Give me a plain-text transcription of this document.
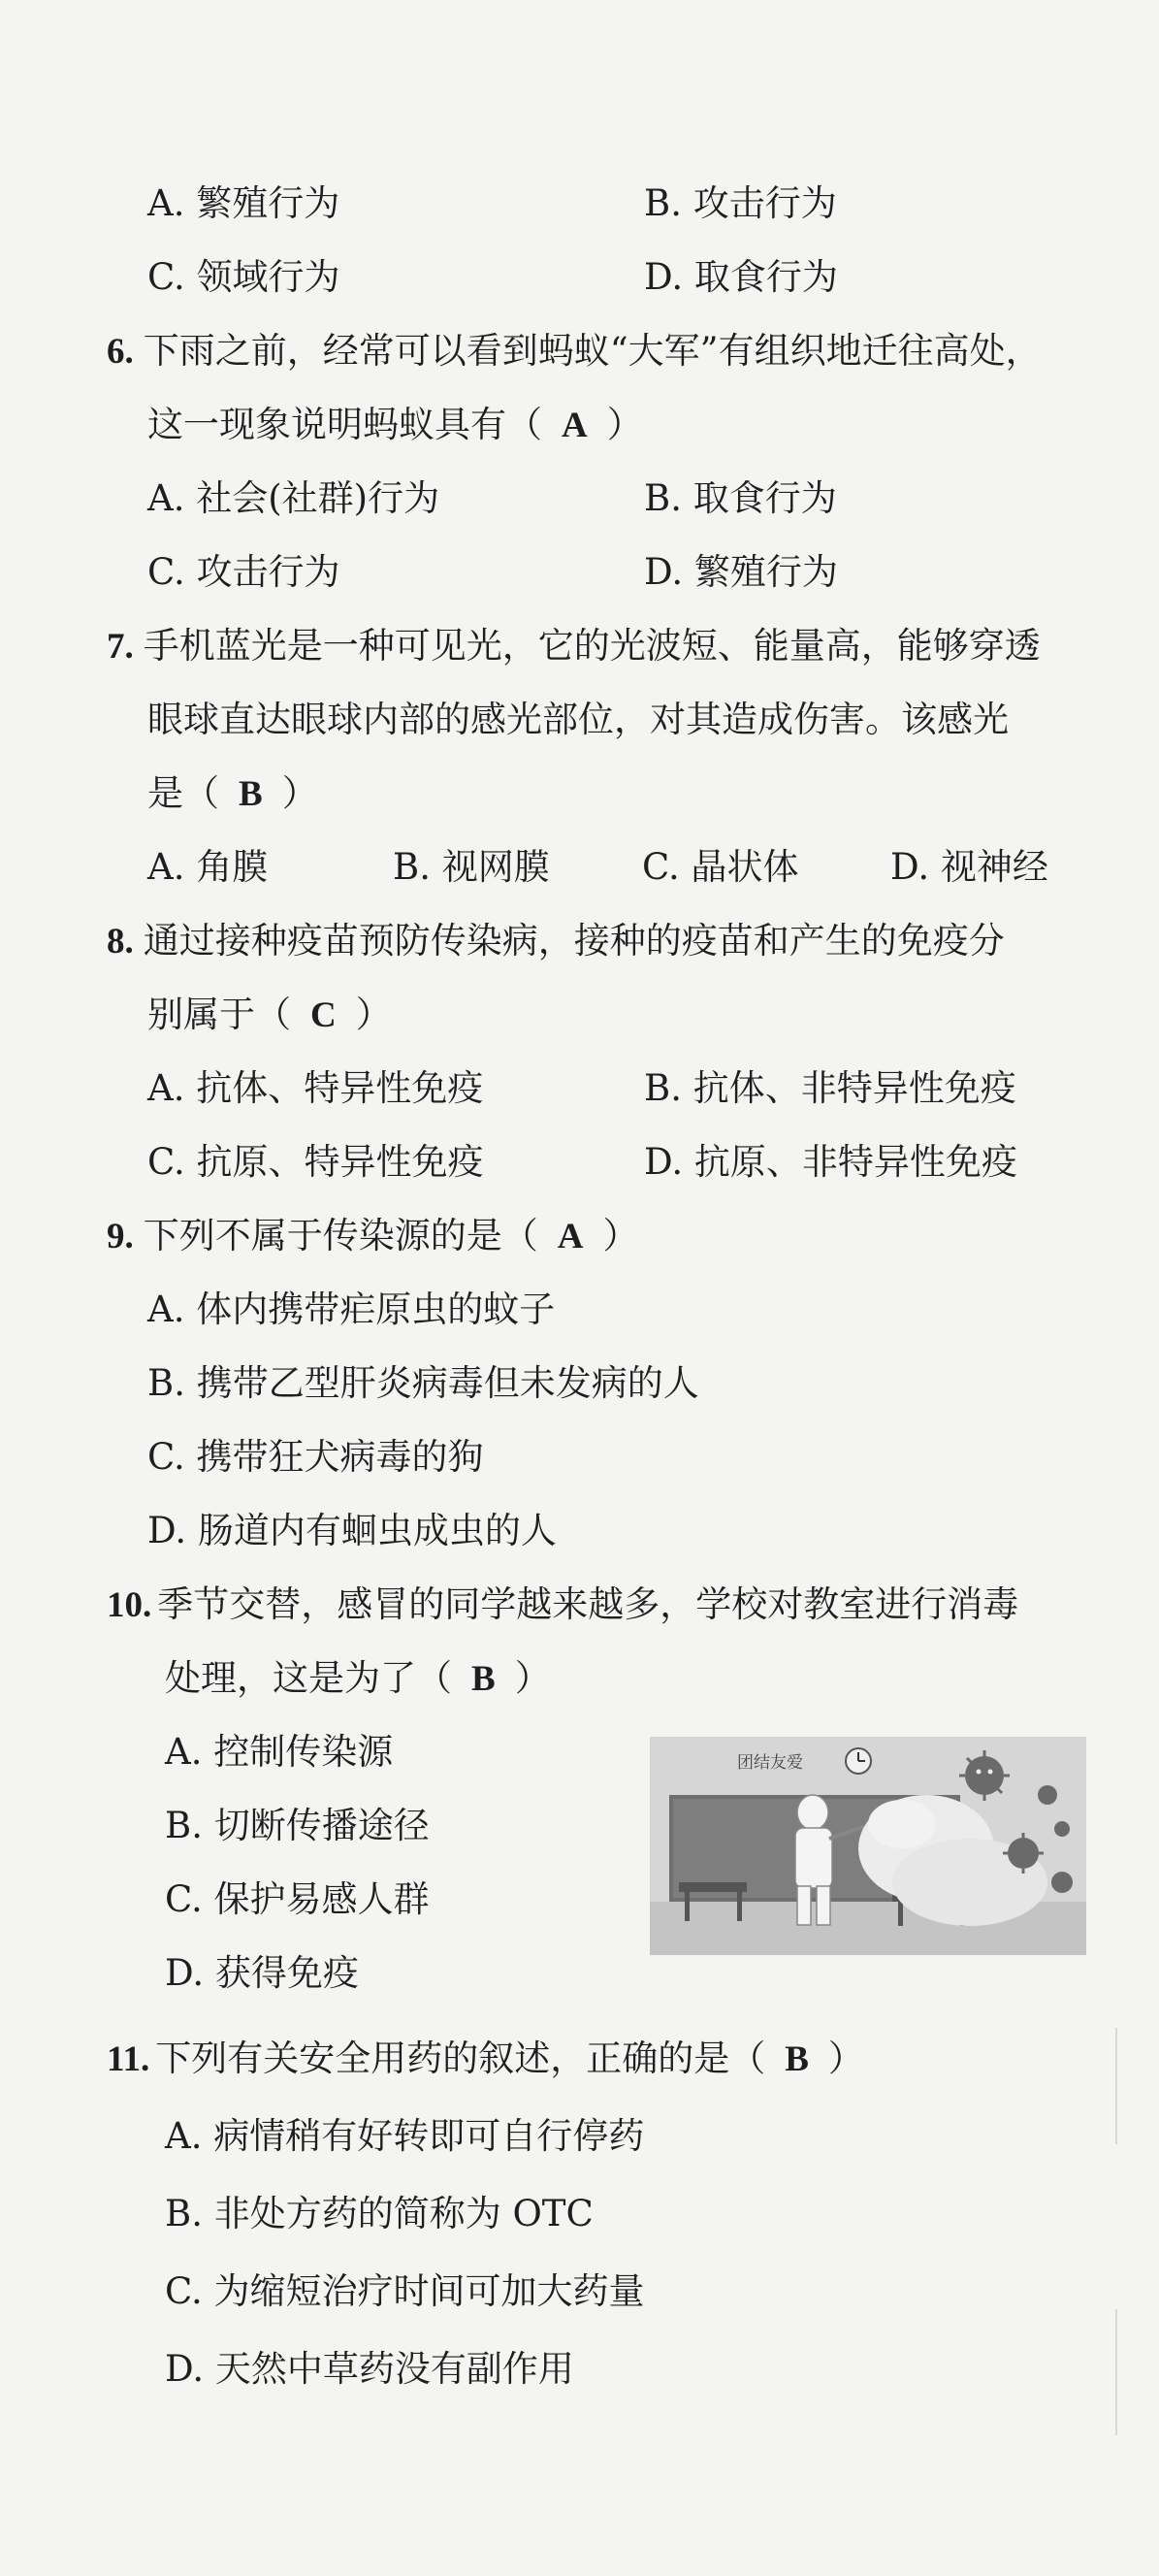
A. 繁殖行为	B. 攻击行为
C. 领域行为	D. 取食行为
6. 下雨之前，经常可以看到蚂蚁“大军”有组织地迁往高处，
这一现象说明蚂蚁具有（ A ）
A. 社会(社群)行为	B. 取食行为
C. 攻击行为	D. 繁殖行为
7. 手机蓝光是一种可见光，它的光波短、能量高，能够穿透
眼球直达眼球内部的感光部位，对其造成伤害。该感光
是（ B ）
A. 角膜	B. 视网膜	C. 晶状体	D. 视神经
8. 通过接种疫苗预防传染病，接种的疫苗和产生的免疫分
别属于（ C ）
A. 抗体、特异性免疫	B. 抗体、非特异性免疫
C. 抗原、特异性免疫	D. 抗原、非特异性免疫
9. 下列不属于传染源的是（ A ）
A. 体内携带疟原虫的蚊子
B. 携带乙型肝炎病毒但未发病的人
C. 携带狂犬病毒的狗
D. 肠道内有蛔虫成虫的人
10. 季节交替，感冒的同学越来越多，学校对教室进行消毒
处理，这是为了（ B ）
A. 控制传染源
B. 切断传播途径
C. 保护易感人群
D. 获得免疫
团结友爱
11. 下列有关安全用药的叙述，正确的是（ B ）
A. 病情稍有好转即可自行停药
B. 非处方药的简称为 OTC
C. 为缩短治疗时间可加大药量
D. 天然中草药没有副作用
